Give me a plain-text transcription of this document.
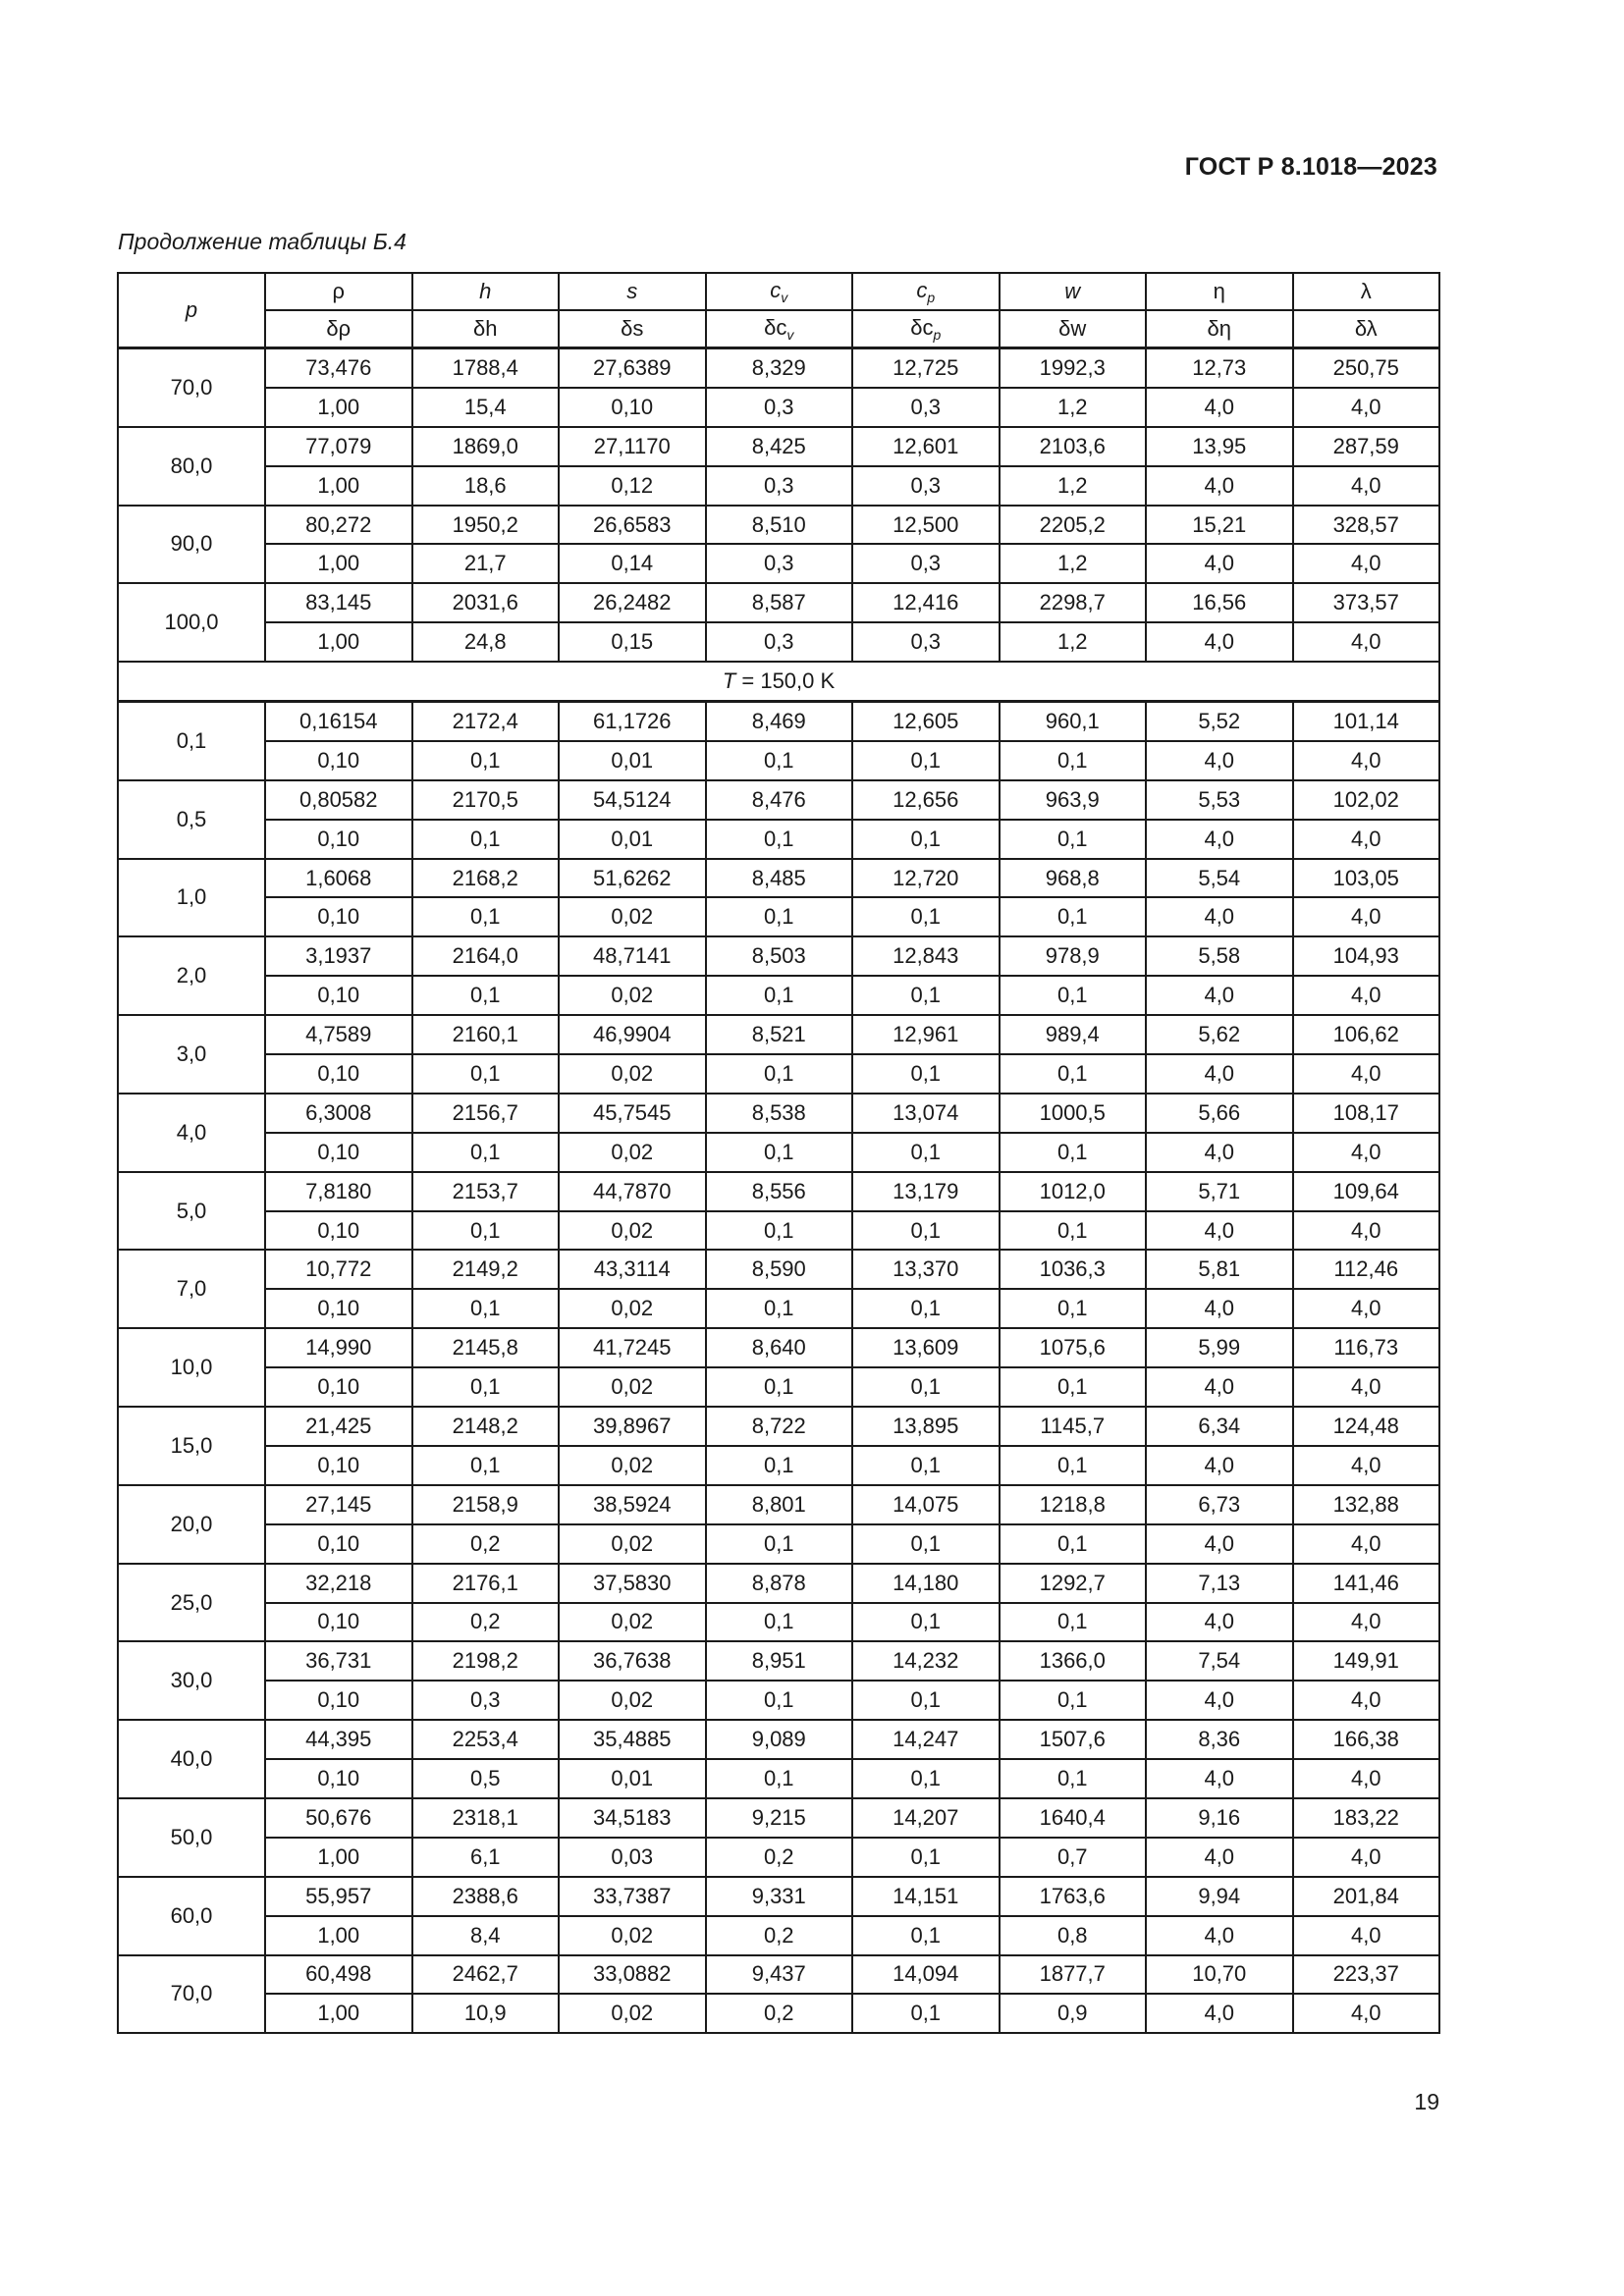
ГОСТ Р 8.1018—2023
Продолжение таблицы Б.4
p	ρ	h	s	$c_v$	$c_p$	w	η	λ
	δρ	δh	δs	$\delta c_v$	$\delta c_p$	δw	δη	δλ
70,0	73,476	1788,4	27,6389	8,329	12,725	1992,3	12,73	250,75
	1,00	15,4	0,10	0,3	0,3	1,2	4,0	4,0
80,0	77,079	1869,0	27,1170	8,425	12,601	2103,6	13,95	287,59
	1,00	18,6	0,12	0,3	0,3	1,2	4,0	4,0
90,0	80,272	1950,2	26,6583	8,510	12,500	2205,2	15,21	328,57
	1,00	21,7	0,14	0,3	0,3	1,2	4,0	4,0
100,0	83,145	2031,6	26,2482	8,587	12,416	2298,7	16,56	373,57
	1,00	24,8	0,15	0,3	0,3	1,2	4,0	4,0
T = 150,0 K								
0,1	0,16154	2172,4	61,1726	8,469	12,605	960,1	5,52	101,14
	0,10	0,1	0,01	0,1	0,1	0,1	4,0	4,0
0,5	0,80582	2170,5	54,5124	8,476	12,656	963,9	5,53	102,02
	0,10	0,1	0,01	0,1	0,1	0,1	4,0	4,0
1,0	1,6068	2168,2	51,6262	8,485	12,720	968,8	5,54	103,05
	0,10	0,1	0,02	0,1	0,1	0,1	4,0	4,0
2,0	3,1937	2164,0	48,7141	8,503	12,843	978,9	5,58	104,93
	0,10	0,1	0,02	0,1	0,1	0,1	4,0	4,0
3,0	4,7589	2160,1	46,9904	8,521	12,961	989,4	5,62	106,62
	0,10	0,1	0,02	0,1	0,1	0,1	4,0	4,0
4,0	6,3008	2156,7	45,7545	8,538	13,074	1000,5	5,66	108,17
	0,10	0,1	0,02	0,1	0,1	0,1	4,0	4,0
5,0	7,8180	2153,7	44,7870	8,556	13,179	1012,0	5,71	109,64
	0,10	0,1	0,02	0,1	0,1	0,1	4,0	4,0
7,0	10,772	2149,2	43,3114	8,590	13,370	1036,3	5,81	112,46
	0,10	0,1	0,02	0,1	0,1	0,1	4,0	4,0
10,0	14,990	2145,8	41,7245	8,640	13,609	1075,6	5,99	116,73
	0,10	0,1	0,02	0,1	0,1	0,1	4,0	4,0
15,0	21,425	2148,2	39,8967	8,722	13,895	1145,7	6,34	124,48
	0,10	0,1	0,02	0,1	0,1	0,1	4,0	4,0
20,0	27,145	2158,9	38,5924	8,801	14,075	1218,8	6,73	132,88
	0,10	0,2	0,02	0,1	0,1	0,1	4,0	4,0
25,0	32,218	2176,1	37,5830	8,878	14,180	1292,7	7,13	141,46
	0,10	0,2	0,02	0,1	0,1	0,1	4,0	4,0
30,0	36,731	2198,2	36,7638	8,951	14,232	1366,0	7,54	149,91
	0,10	0,3	0,02	0,1	0,1	0,1	4,0	4,0
40,0	44,395	2253,4	35,4885	9,089	14,247	1507,6	8,36	166,38
	0,10	0,5	0,01	0,1	0,1	0,1	4,0	4,0
50,0	50,676	2318,1	34,5183	9,215	14,207	1640,4	9,16	183,22
	1,00	6,1	0,03	0,2	0,1	0,7	4,0	4,0
60,0	55,957	2388,6	33,7387	9,331	14,151	1763,6	9,94	201,84
	1,00	8,4	0,02	0,2	0,1	0,8	4,0	4,0
70,0	60,498	2462,7	33,0882	9,437	14,094	1877,7	10,70	223,37
	1,00	10,9	0,02	0,2	0,1	0,9	4,0	4,0
19
